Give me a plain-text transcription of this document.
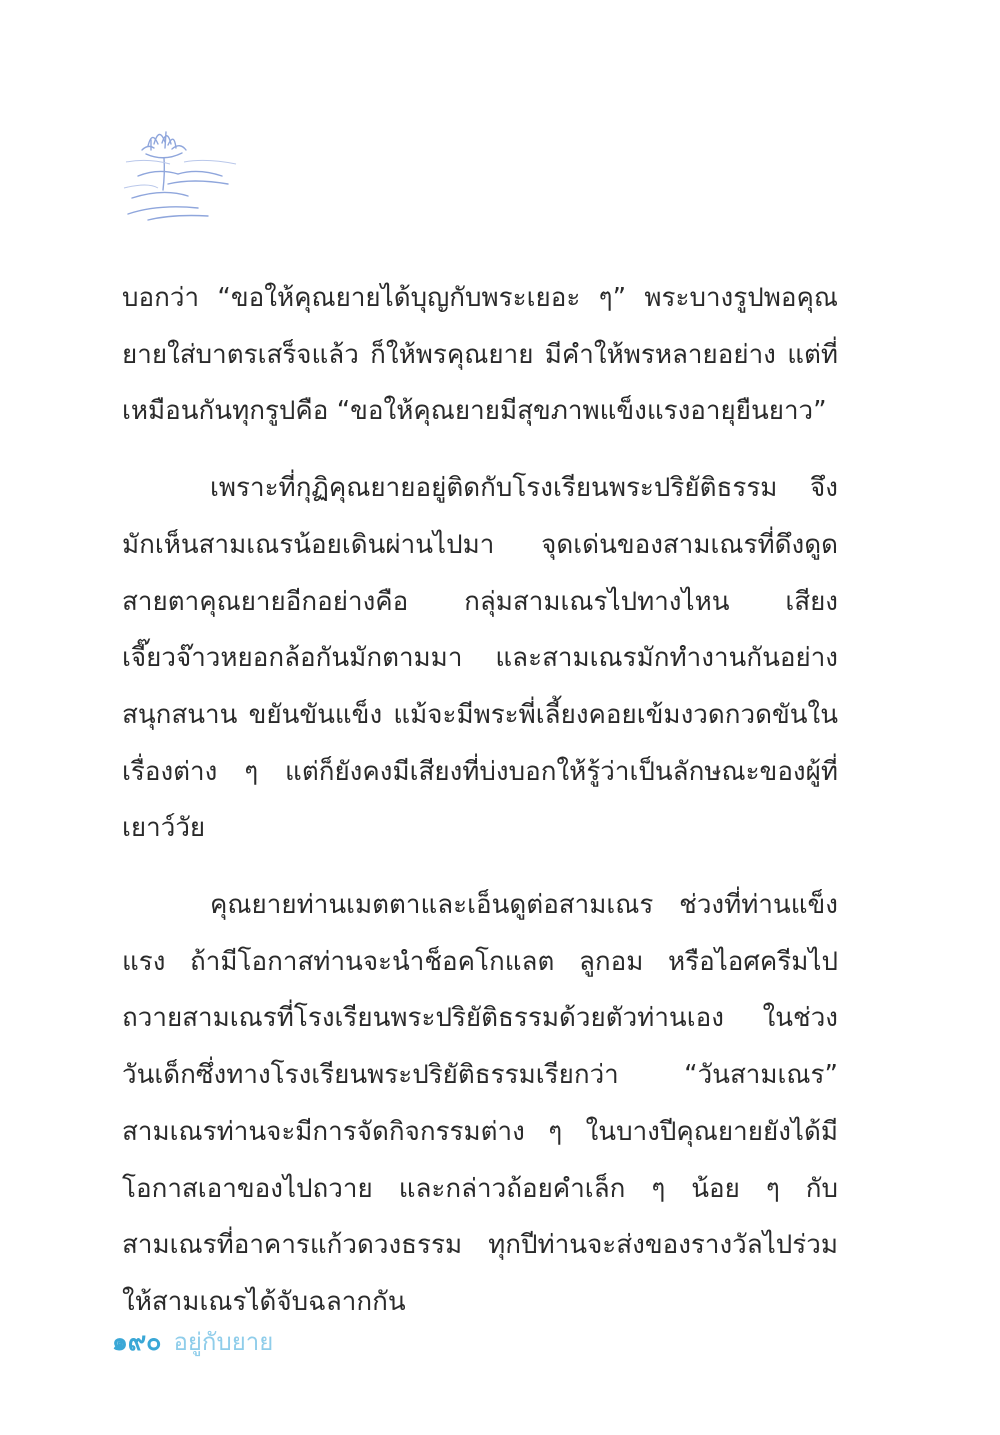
บอกว่า “ขอให้คุณยายได้บุญกับพระเยอะ ๆ” พระบางรูปพอคุณยายใส่บาตรเสร็จแล้ว ก็ให้พรคุณยาย มีคำให้พรหลายอย่าง แต่ที่เหมือนกันทุกรูปคือ “ขอให้คุณยายมีสุขภาพแข็งแรงอายุยืนยาว”

เพราะที่กุฏิคุณยายอยู่ติดกับโรงเรียนพระปริยัติธรรม จึงมักเห็นสามเณรน้อยเดินผ่านไปมา จุดเด่นของสามเณรที่ดึงดูดสายตาคุณยายอีกอย่างคือ กลุ่มสามเณรไปทางไหน เสียงเจี๊ยวจ๊าวหยอกล้อกันมักตามมา และสามเณรมักทำงานกันอย่างสนุกสนาน ขยันขันแข็ง แม้จะมีพระพี่เลี้ยงคอยเข้มงวดกวดขันในเรื่องต่าง ๆ แต่ก็ยังคงมีเสียงที่บ่งบอกให้รู้ว่าเป็นลักษณะของผู้ที่เยาว์วัย

คุณยายท่านเมตตาและเอ็นดูต่อสามเณร ช่วงที่ท่านแข็งแรง ถ้ามีโอกาสท่านจะนำช็อคโกแลต ลูกอม หรือไอศครีมไปถวายสามเณรที่โรงเรียนพระปริยัติธรรมด้วยตัวท่านเอง ในช่วงวันเด็กซึ่งทางโรงเรียนพระปริยัติธรรมเรียกว่า “วันสามเณร” สามเณรท่านจะมีการจัดกิจกรรมต่าง ๆ ในบางปีคุณยายยังได้มีโอกาสเอาของไปถวาย และกล่าวถ้อยคำเล็ก ๆ น้อย ๆ กับสามเณรที่อาคารแก้วดวงธรรม ทุกปีท่านจะส่งของรางวัลไปร่วมให้สามเณรได้จับฉลากกัน

๑๙๐ อยู่กับยาย
